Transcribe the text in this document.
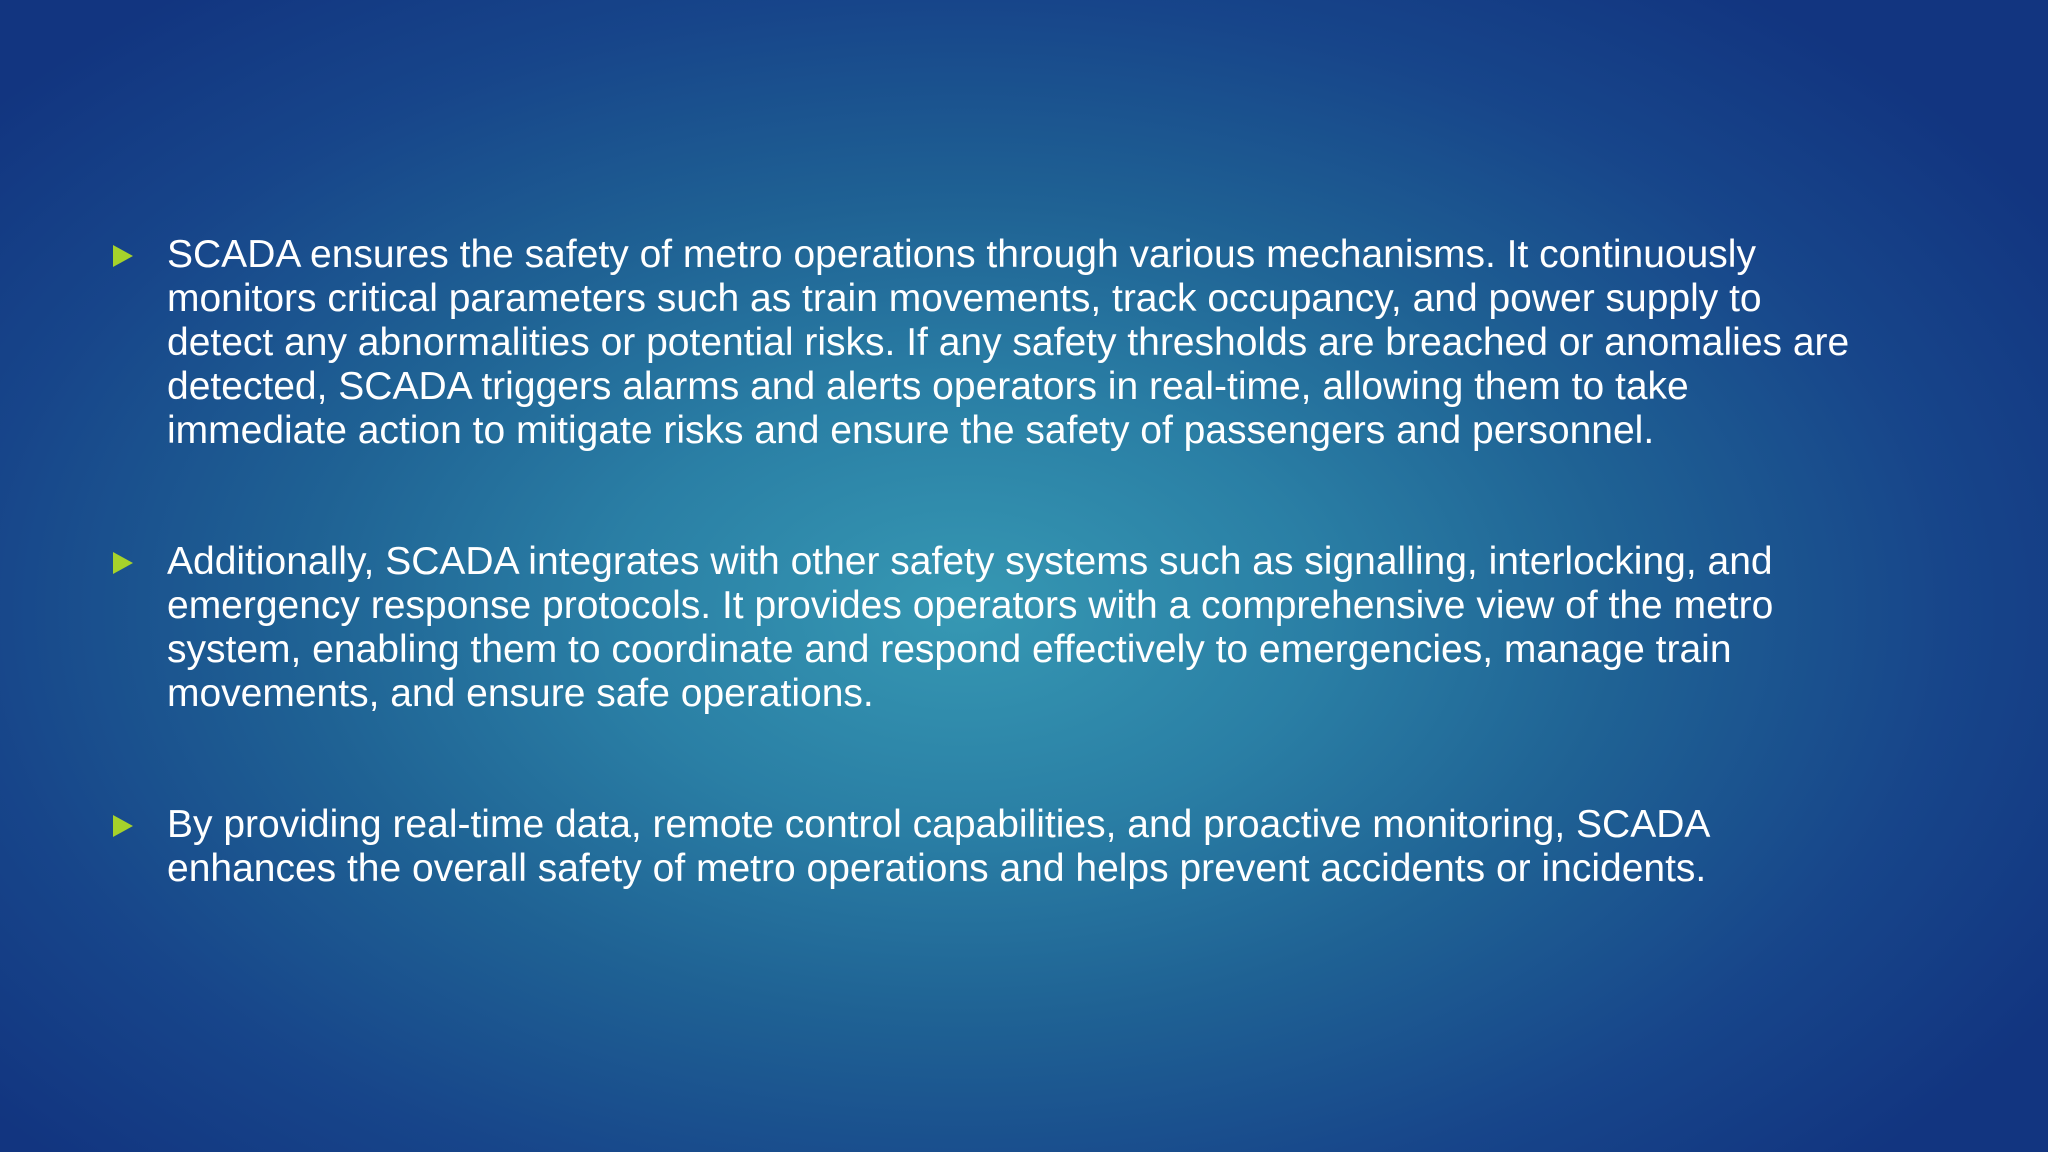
SCADA ensures the safety of metro operations through various mechanisms. It continuously monitors critical parameters such as train movements, track occupancy, and power supply to detect any abnormalities or potential risks. If any safety thresholds are breached or anomalies are detected, SCADA triggers alarms and alerts operators in real-time, allowing them to take immediate action to mitigate risks and ensure the safety of passengers and personnel.
Additionally, SCADA integrates with other safety systems such as signalling, interlocking, and emergency response protocols. It provides operators with a comprehensive view of the metro system, enabling them to coordinate and respond effectively to emergencies, manage train movements, and ensure safe operations.
By providing real-time data, remote control capabilities, and proactive monitoring, SCADA enhances the overall safety of metro operations and helps prevent accidents or incidents.
